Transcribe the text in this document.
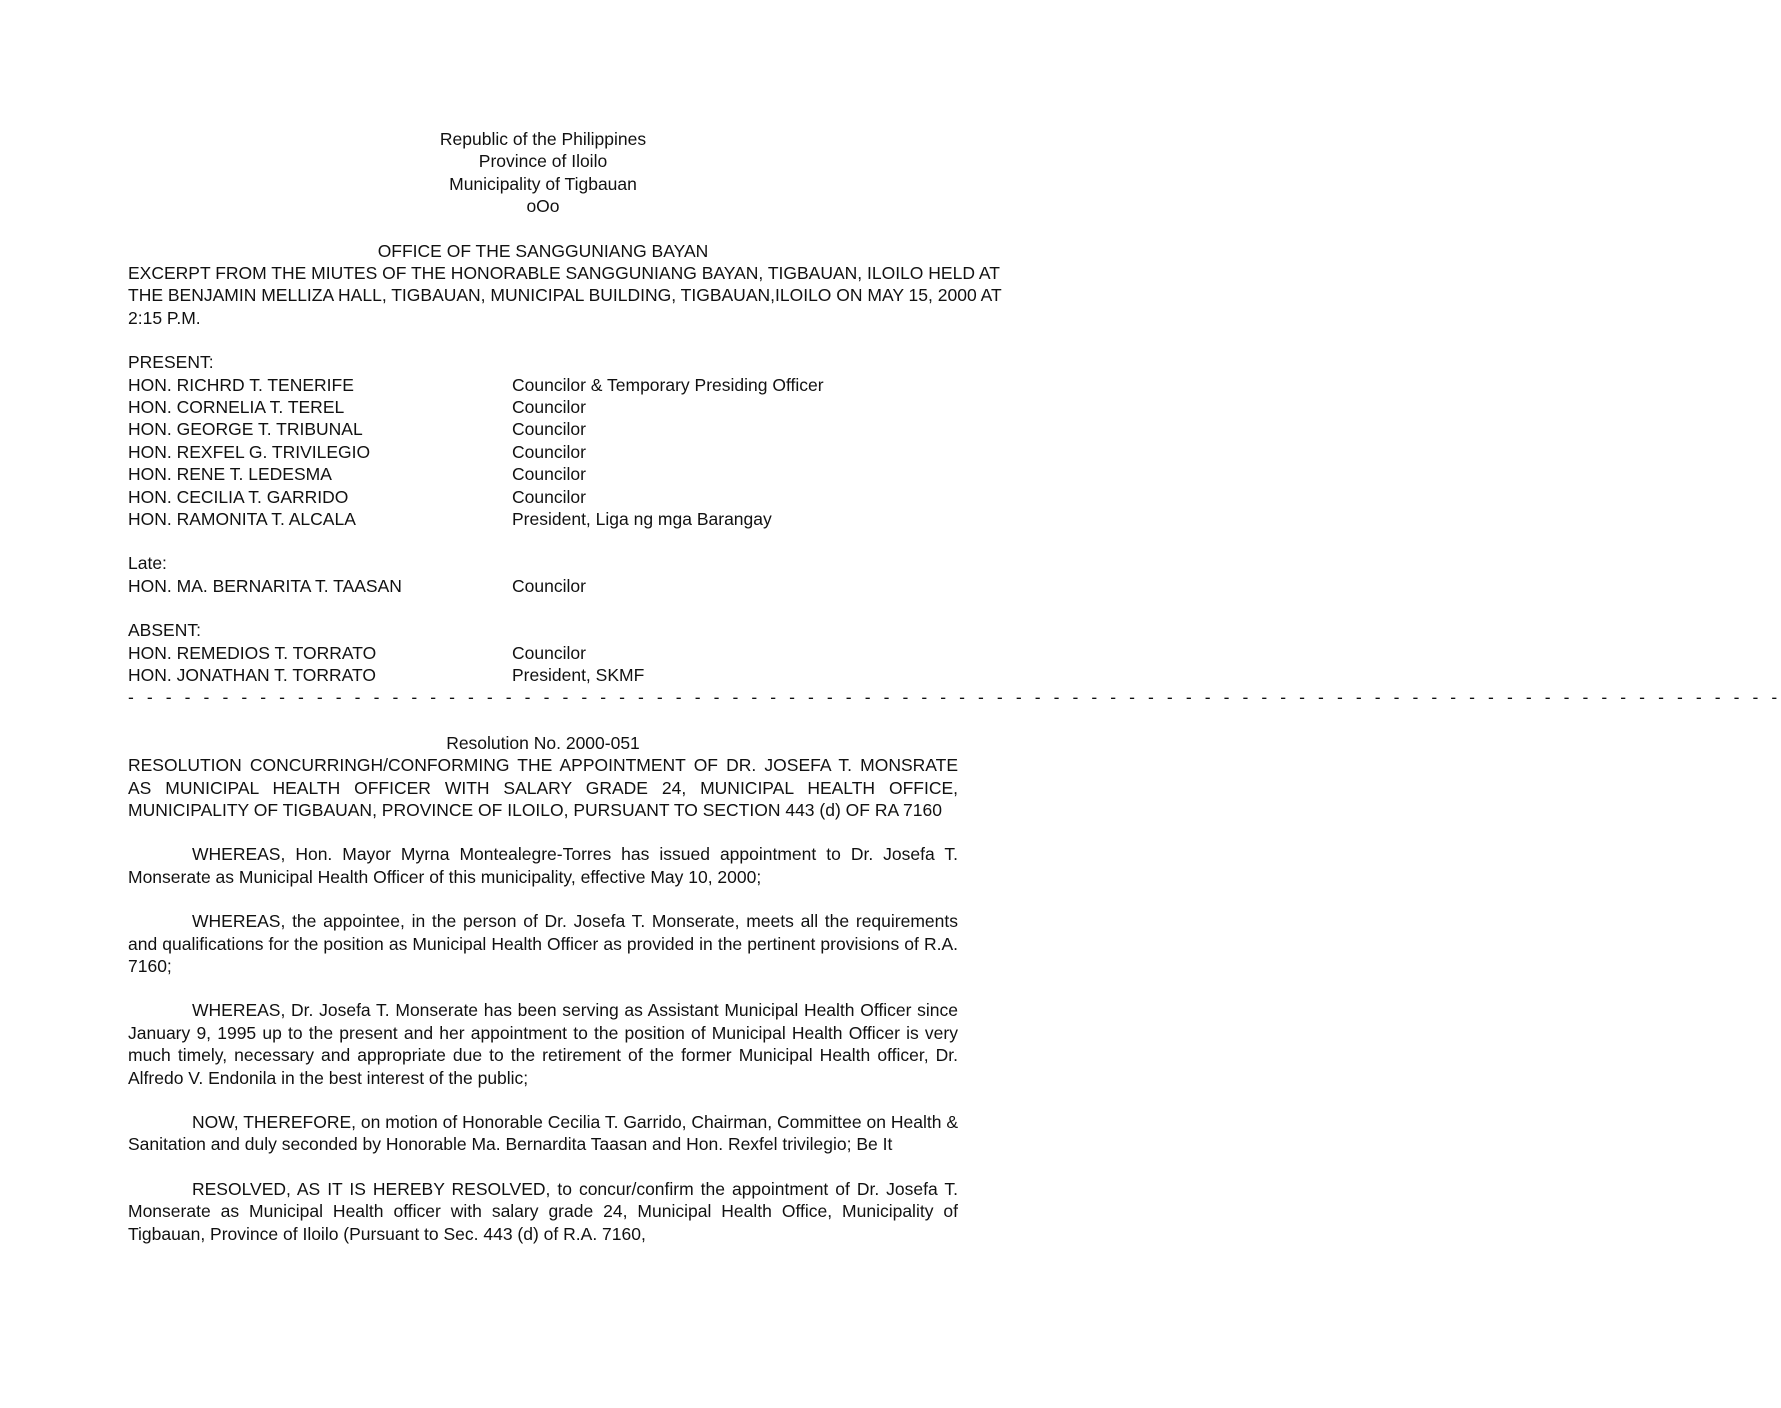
Republic of the Philippines
Province of Iloilo
Municipality of Tigbauan
oOo
OFFICE OF THE SANGGUNIANG BAYAN
EXCERPT FROM THE MIUTES OF THE HONORABLE SANGGUNIANG BAYAN, TIGBAUAN, ILOILO HELD AT
THE BENJAMIN MELLIZA HALL, TIGBAUAN, MUNICIPAL BUILDING, TIGBAUAN,ILOILO ON MAY 15, 2000 AT
2:15 P.M.
PRESENT:
HON. RICHRD T. TENERIFE	Councilor & Temporary Presiding Officer
HON. CORNELIA T. TEREL	Councilor
HON. GEORGE T. TRIBUNAL	Councilor
HON. REXFEL G. TRIVILEGIO	Councilor
HON. RENE T. LEDESMA	Councilor
HON. CECILIA T. GARRIDO	Councilor
HON. RAMONITA T. ALCALA	President, Liga ng mga Barangay
Late:
HON. MA. BERNARITA T. TAASAN	Councilor
ABSENT:
HON. REMEDIOS T. TORRATO	Councilor
HON. JONATHAN T. TORRATO	President, SKMF
- - - - - - - - - - - - - - - - - - - - - - - - - - - - - - - - - - - - - - - - - - - - - - - - - - - - - - - - - - - - - - - - - - - - - - - - - - - - - - - - - - - - - - - -
Resolution No. 2000-051
RESOLUTION CONCURRINGH/CONFORMING THE APPOINTMENT OF DR. JOSEFA T. MONSRATE AS MUNICIPAL HEALTH OFFICER WITH SALARY GRADE 24, MUNICIPAL HEALTH OFFICE, MUNICIPALITY OF TIGBAUAN, PROVINCE OF ILOILO, PURSUANT TO SECTION 443 (d) OF RA 7160

WHEREAS, Hon. Mayor Myrna Montealegre-Torres has issued appointment to Dr. Josefa T. Monserate as Municipal Health Officer of this municipality, effective May 10, 2000;

WHEREAS, the appointee, in the person of Dr. Josefa T. Monserate, meets all the requirements and qualifications for the position as Municipal Health Officer as provided in the pertinent provisions of R.A. 7160;

WHEREAS, Dr. Josefa T. Monserate has been serving as Assistant Municipal Health Officer since January 9, 1995 up to the present and her appointment to the position of Municipal Health Officer is very much timely, necessary and appropriate due to the retirement of the former Municipal Health officer, Dr. Alfredo V. Endonila in the best interest of the public;

NOW, THEREFORE, on motion of Honorable Cecilia T. Garrido, Chairman, Committee on Health & Sanitation and duly seconded by Honorable Ma. Bernardita Taasan and Hon. Rexfel trivilegio; Be It

RESOLVED, AS IT IS HEREBY RESOLVED, to concur/confirm the appointment of Dr. Josefa T. Monserate as Municipal Health officer with salary grade 24, Municipal Health Office, Municipality of Tigbauan, Province of Iloilo (Pursuant to Sec. 443 (d) of R.A. 7160,
